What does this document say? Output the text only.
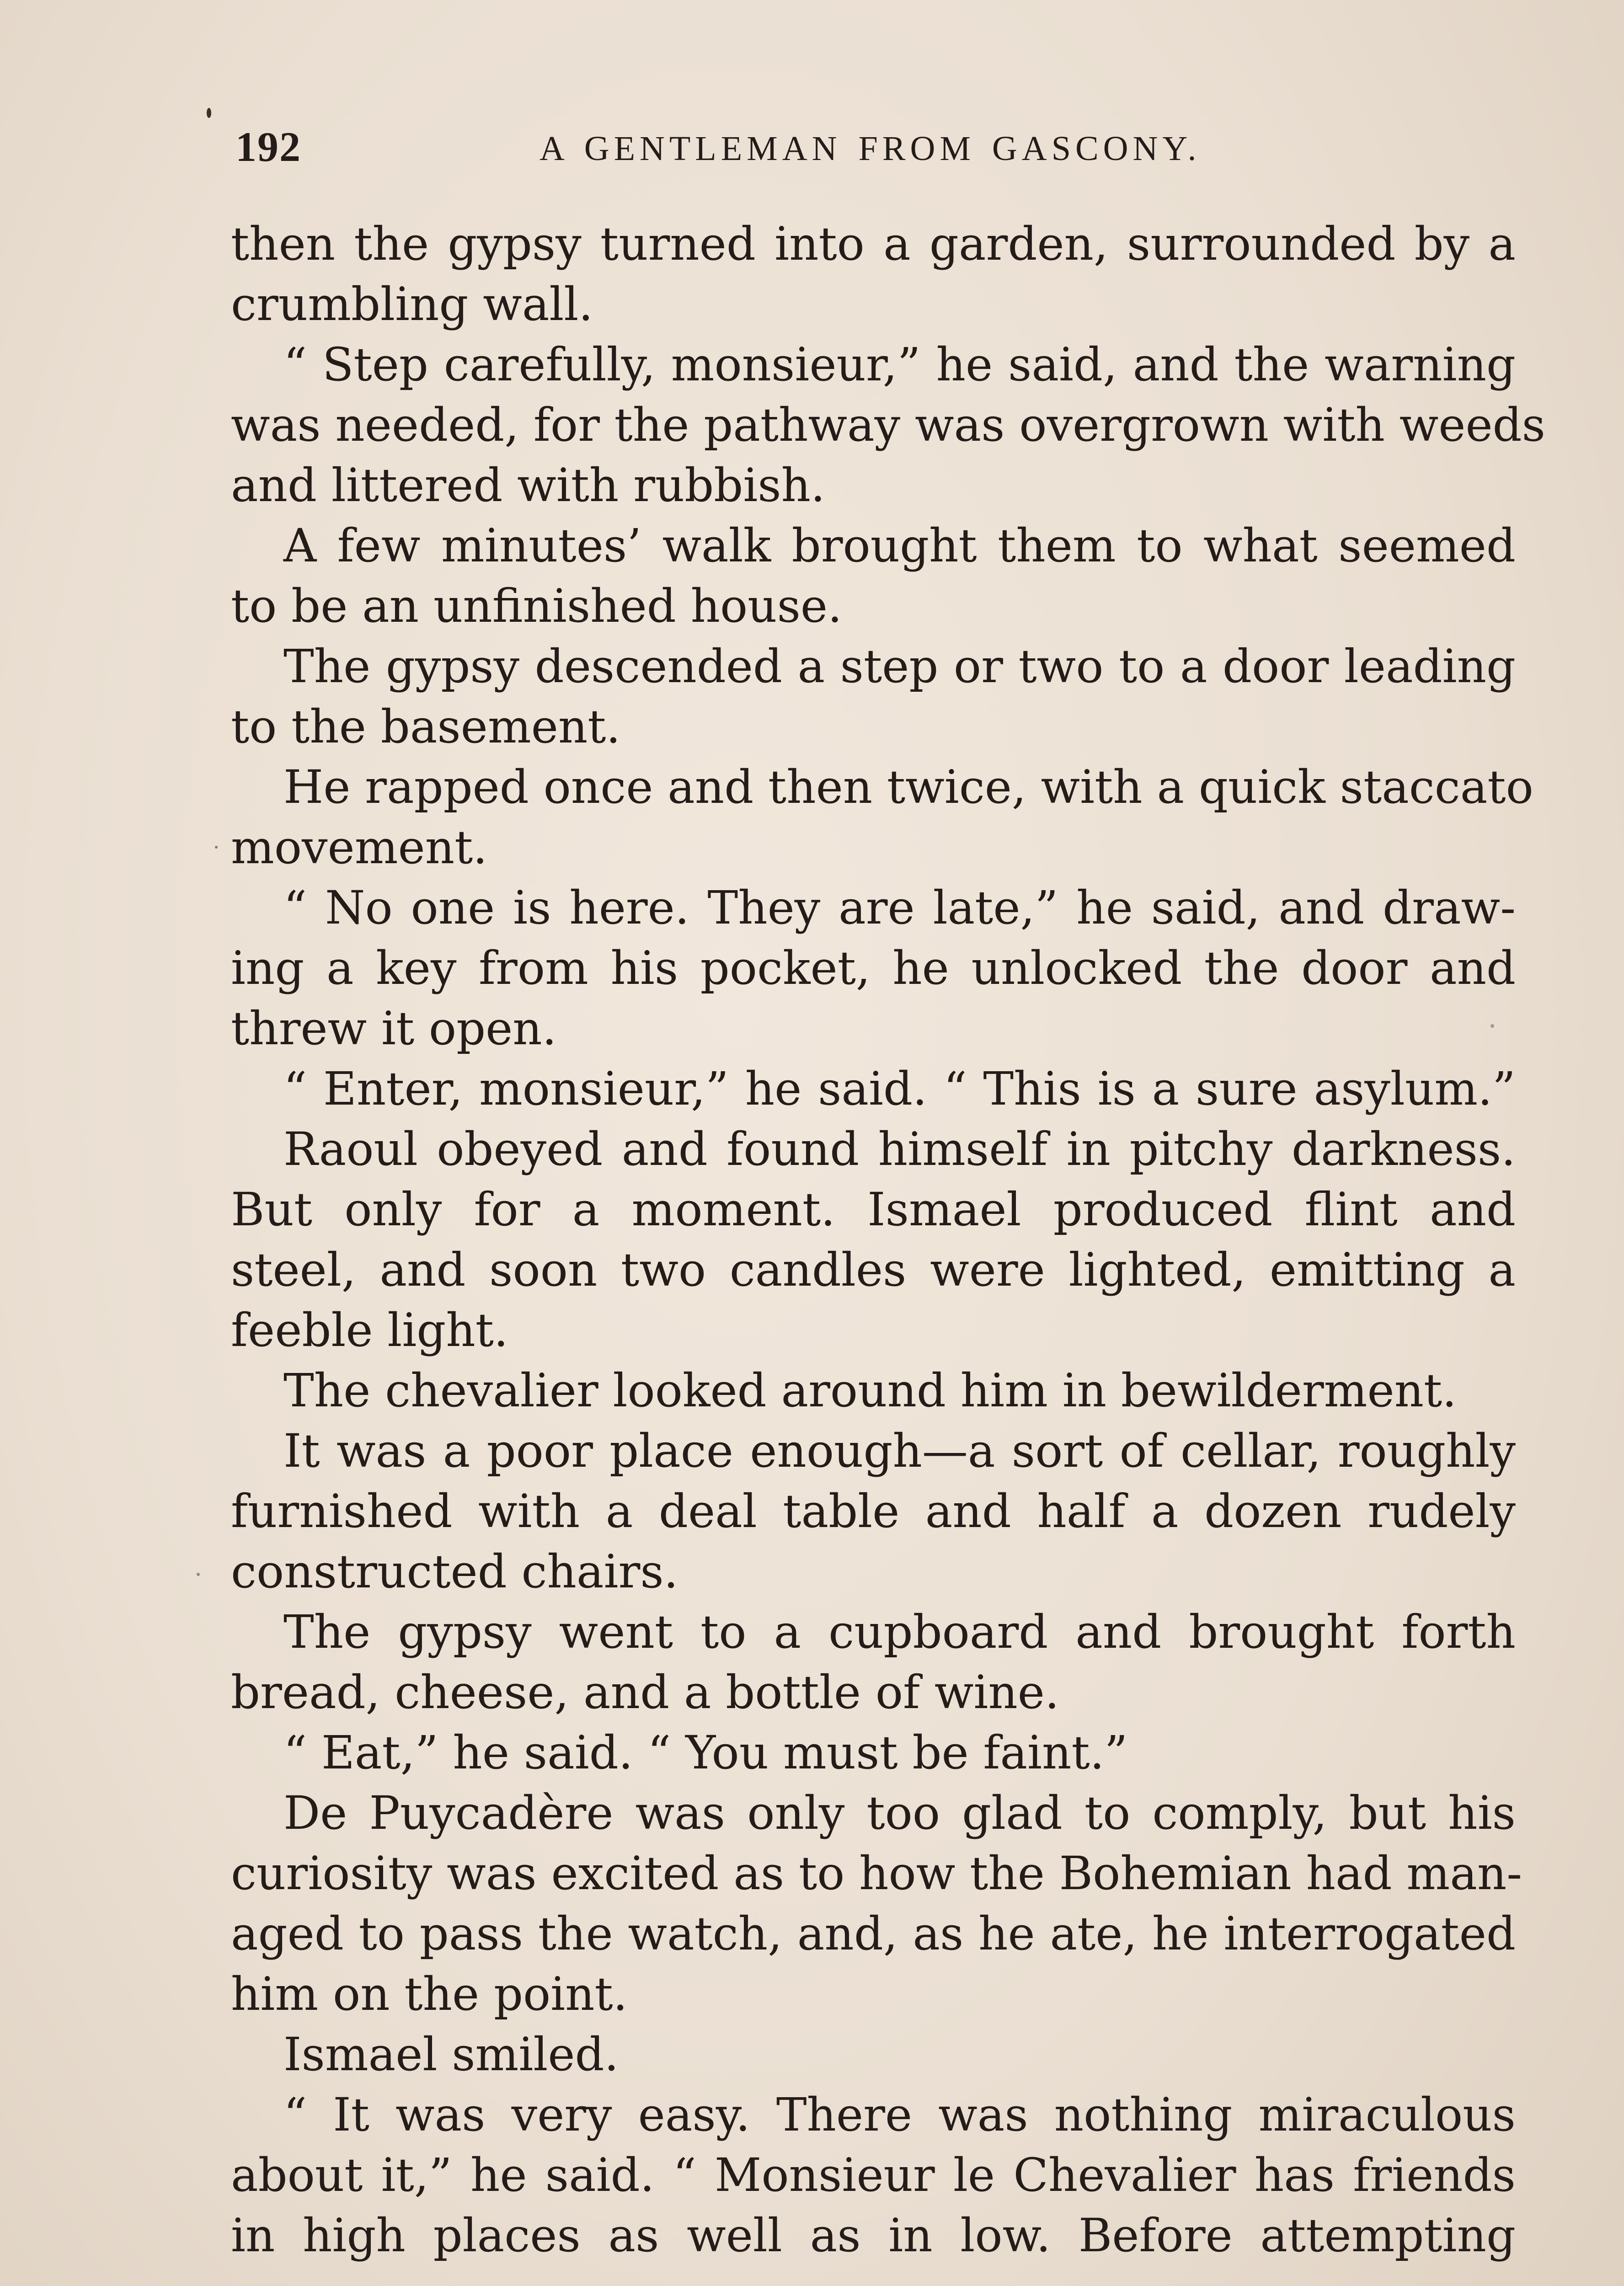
192	A GENTLEMAN FROM GASCONY.
then the gypsy turned into a garden, surrounded by a
crumbling wall.
“ Step carefully, monsieur,” he said, and the warning
was needed, for the pathway was overgrown with weeds
and littered with rubbish.
A few minutes’ walk brought them to what seemed
to be an unfinished house.
The gypsy descended a step or two to a door leading
to the basement.
He rapped once and then twice, with a quick staccato
movement.
“ No one is here. They are late,” he said, and draw-
ing a key from his pocket, he unlocked the door and
threw it open.
“ Enter, monsieur,” he said. “ This is a sure asylum.”
Raoul obeyed and found himself in pitchy darkness.
But only for a moment. Ismael produced flint and
steel, and soon two candles were lighted, emitting a
feeble light.
The chevalier looked around him in bewilderment.
It was a poor place enough—a sort of cellar, roughly
furnished with a deal table and half a dozen rudely
constructed chairs.
The gypsy went to a cupboard and brought forth
bread, cheese, and a bottle of wine.
“ Eat,” he said. “ You must be faint.”
De Puycadère was only too glad to comply, but his
curiosity was excited as to how the Bohemian had man-
aged to pass the watch, and, as he ate, he interrogated
him on the point.
Ismael smiled.
“ It was very easy. There was nothing miraculous
about it,” he said. “ Monsieur le Chevalier has friends
in high places as well as in low. Before attempting
